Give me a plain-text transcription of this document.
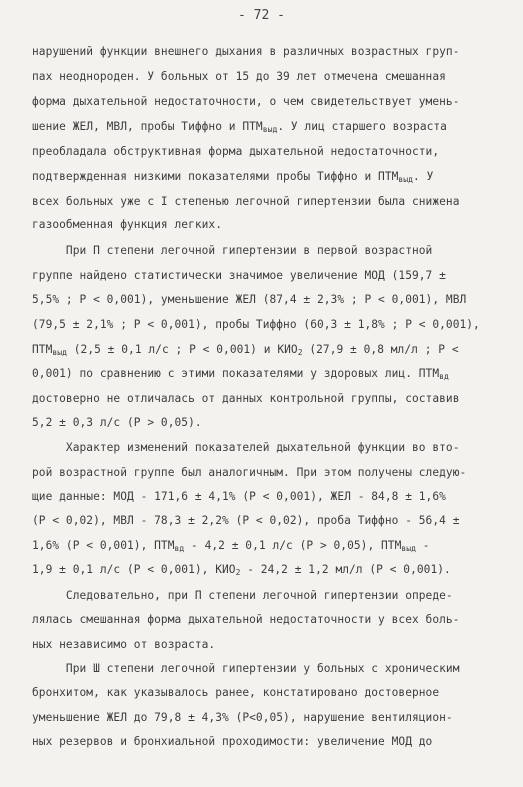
- 72 -
нарушений функции внешнего дыхания в различных возрастных груп-
пах неоднороден. У больных от 15 до 39 лет отмечена смешанная
форма дыхательной недостаточности, о чем свидетельствует умень-
шение ЖЕЛ, МВЛ, пробы Тиффно и $ПТМ_{выд}$. У лиц старшего возраста
преобладала обструктивная форма дыхательной недостаточности,
подтвержденная низкими показателями пробы Тиффно и $ПТМ_{выд}$. У
всех больных уже с I степенью легочной гипертензии была снижена
газообменная функция легких.
При П степени легочной гипертензии в первой возрастной
группе найдено статистически значимое увеличение МОД (159,7 ±
5,5% ; Р < 0,001), уменьшение ЖЕЛ (87,4 ± 2,3% ; Р < 0,001), МВЛ
(79,5 ± 2,1% ; Р < 0,001), пробы Тиффно (60,3 ± 1,8% ; Р < 0,001),
$ПТМ_{выд}$ (2,5 ± 0,1 л/с ; Р < 0,001) и $КИО_2$ (27,9 ± 0,8 мл/л ; Р <
0,001) по сравнению с этими показателями у здоровых лиц. $ПТМ_{вд}$
достоверно не отличалась от данных контрольной группы, составив
5,2 ± 0,3 л/с (Р > 0,05).
Характер изменений показателей дыхательной функции во вто-
рой возрастной группе был аналогичным. При этом получены следую-
щие данные: МОД - 171,6 ± 4,1% (Р < 0,001), ЖЕЛ - 84,8 ± 1,6%
(Р < 0,02), МВЛ - 78,3 ± 2,2% (Р < 0,02), проба Тиффно - 56,4 ±
1,6% (Р < 0,001), $ПТМ_{вд} - 4,2 \pm 0,1$ л/с (Р > 0,05), $ПТМ_{выд}$ -
1,9 ± 0,1 л/с (Р < 0,001), $КИО_2 - 24,2 \pm 1,2$ мл/л (Р < 0,001).
Следовательно, при П степени легочной гипертензии опреде-
лялась смешанная форма дыхательной недостаточности у всех боль-
ных независимо от возраста.
При Ш степени легочной гипертензии у больных с хроническим
бронхитом, как указывалось ранее, констатировано достоверное
уменьшение ЖЕЛ до 79,8 ± 4,3% (Р<0,05), нарушение вентиляцион-
ных резервов и бронхиальной проходимости: увеличение МОД до
